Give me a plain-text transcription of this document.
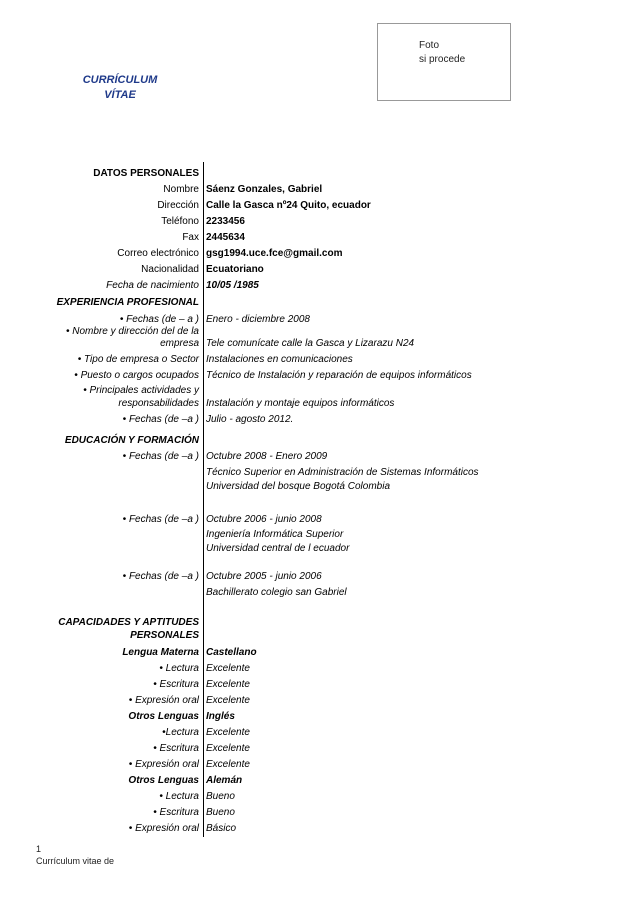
Foto
si procede
CURRÍCULUM
VÍTAE
DATOS PERSONALES
Nombre Sáenz Gonzales, Gabriel
Dirección Calle la Gasca nº24 Quito, ecuador
Teléfono 2233456
Fax 2445634
Correo electrónico gsg1994.uce.fce@gmail.com
Nacionalidad Ecuatoriano
Fecha de nacimiento 10/05 /1985
EXPERIENCIA PROFESIONAL
• Fechas (de – a ) Enero - diciembre 2008
• Nombre y dirección del de la
empresa Tele comunícate calle la Gasca y Lizarazu N24
• Tipo de empresa o Sector Instalaciones en comunicaciones
• Puesto o cargos ocupados Técnico de Instalación y reparación de equipos informáticos
• Principales actividades y
responsabilidades Instalación y montaje equipos informáticos
• Fechas (de –a ) Julio - agosto 2012.
EDUCACIÓN Y FORMACIÓN
• Fechas (de –a ) Octubre 2008 - Enero 2009
Técnico Superior en Administración de Sistemas Informáticos
Universidad del bosque Bogotá Colombia
• Fechas (de –a ) Octubre 2006 - junio 2008
Ingeniería Informática Superior
Universidad central de l ecuador
• Fechas (de –a ) Octubre 2005 - junio 2006
Bachillerato colegio san Gabriel
CAPACIDADES Y APTITUDES
PERSONALES
Lengua Materna Castellano
• Lectura Excelente
• Escritura Excelente
• Expresión oral Excelente
Otros Lenguas Inglés
•Lectura Excelente
• Escritura Excelente
• Expresión oral Excelente
Otros Lenguas Alemán
• Lectura Bueno
• Escritura Bueno
• Expresión oral Básico
1
Currículum vitae de
